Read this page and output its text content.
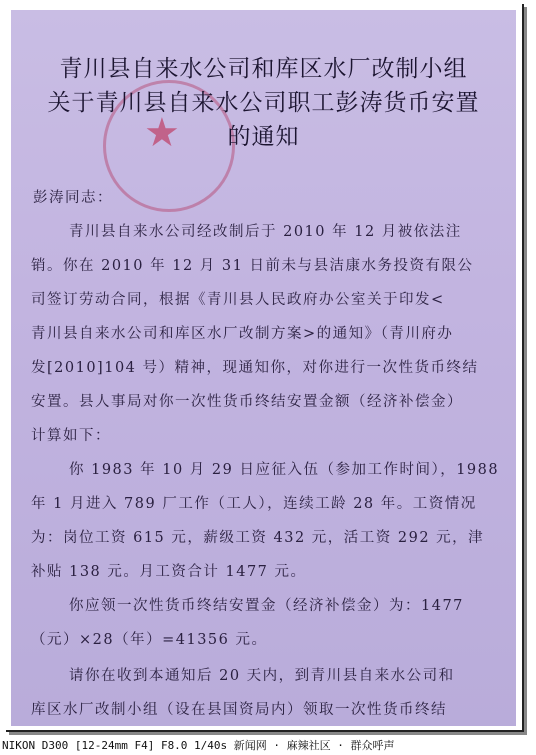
★
青川县自来水公司和库区水厂改制小组
关于青川县自来水公司职工彭涛货币安置
的通知
彭涛同志：
青川县自来水公司经改制后于 2010 年 12 月被依法注
销。你在 2010 年 12 月 31 日前未与县洁康水务投资有限公
司签订劳动合同，根据《青川县人民政府办公室关于印发<
青川县自来水公司和库区水厂改制方案>的通知》（青川府办
发[2010]104 号）精神，现通知你，对你进行一次性货币终结
安置。县人事局对你一次性货币终结安置金额（经济补偿金）
计算如下：
你 1983 年 10 月 29 日应征入伍（参加工作时间），1988
年 1 月进入 789 厂工作（工人），连续工龄 28 年。工资情况
为：岗位工资 615 元，薪级工资 432 元，活工资 292 元，津
补贴 138 元。月工资合计 1477 元。
你应领一次性货币终结安置金（经济补偿金）为：1477
（元）×28（年）=41356 元。
请你在收到本通知后 20 天内，到青川县自来水公司和
库区水厂改制小组（设在县国资局内）领取一次性货币终结
NIKON D300 [12-24mm F4] F8.0 1/40s 新闻网 · 麻辣社区 · 群众呼声
